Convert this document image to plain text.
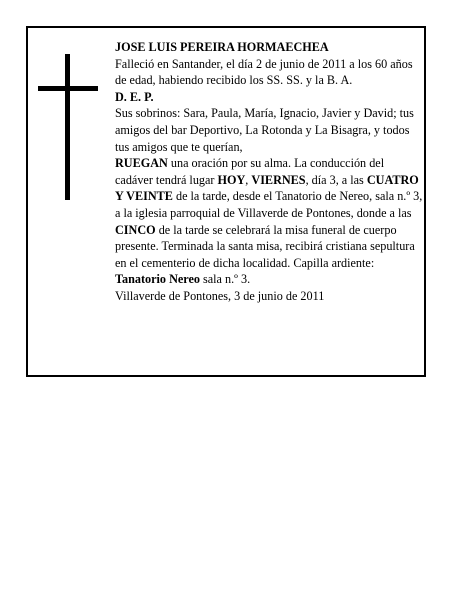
JOSE LUIS PEREIRA HORMAECHEA

Falleció en Santander, el día 2 de junio de 2011 a los 60 años de edad, habiendo recibido los SS. SS. y la B. A.

D. E. P.

Sus sobrinos: Sara, Paula, María, Ignacio, Javier y David; tus amigos del bar Deportivo, La Rotonda y La Bisagra, y todos tus amigos que te querían,

RUEGAN una oración por su alma. La conducción del cadáver tendrá lugar HOY, VIERNES, día 3, a las CUATRO Y VEINTE de la tarde, desde el Tanatorio de Nereo, sala n.º 3, a la iglesia parroquial de Villaverde de Pontones, donde a las CINCO de la tarde se celebrará la misa funeral de cuerpo presente. Terminada la santa misa, recibirá cristiana sepultura en el cementerio de dicha localidad. Capilla ardiente: Tanatorio Nereo sala n.º 3.

Villaverde de Pontones, 3 de junio de 2011
